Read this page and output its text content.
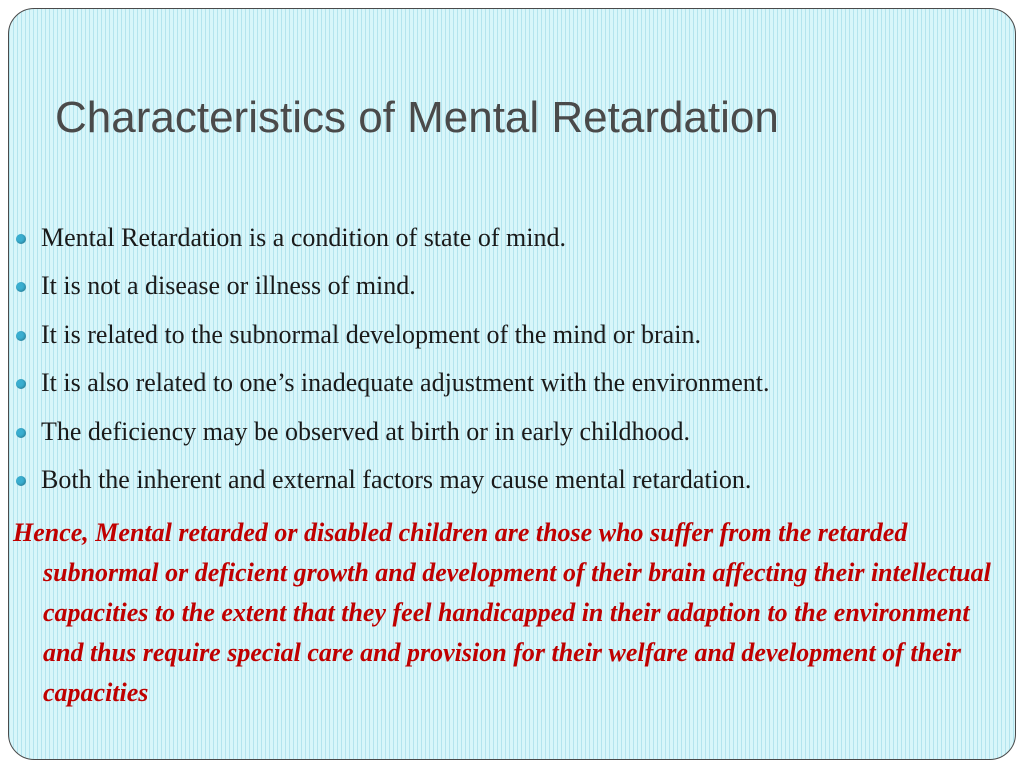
Characteristics of Mental Retardation
Mental Retardation is a condition of state of mind.
It is not a disease or illness of mind.
It is related to the subnormal development of the mind or brain.
It is also related to one’s inadequate adjustment with the environment.
The deficiency may be observed at birth or in early childhood.
Both the inherent and external factors may cause mental retardation.

Hence, Mental retarded or disabled children are those who suffer from the retarded subnormal or deficient growth and development of their brain affecting their intellectual capacities to the extent that they feel handicapped in their adaption to the environment and thus require special care and provision for their welfare and development of their capacities
